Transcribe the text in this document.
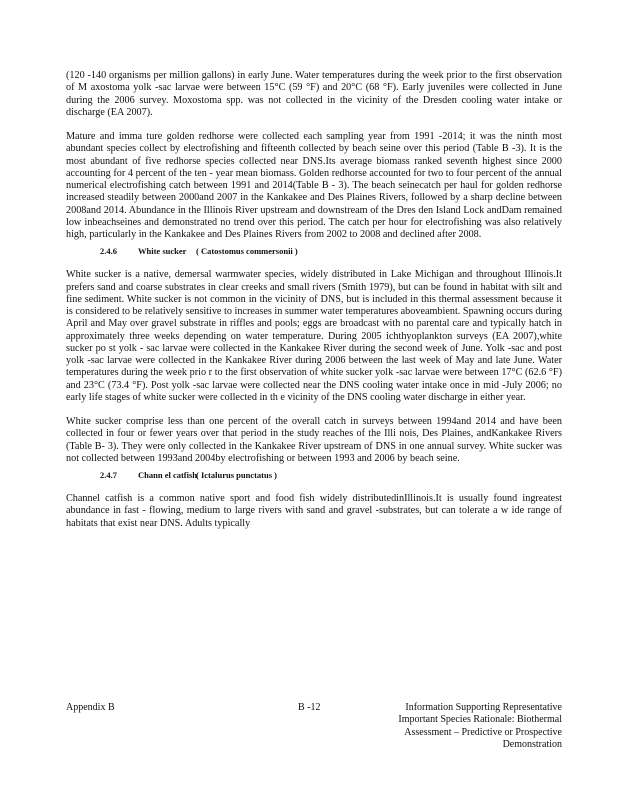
(120 -140 organisms per million gallons) in early June. Water temperatures during the week prior to the first observation of M axostoma yolk -sac larvae were between 15°C (59 °F) and 20°C (68 °F). Early juveniles were collected in June during the 2006 survey. Moxostoma spp. was not collected in the vicinity of the Dresden cooling water intake or discharge (EA 2007).

Mature and imma ture golden redhorse were collected each sampling year from 1991 -2014; it was the ninth most abundant species collect by electrofishing and fifteenth collected by beach seine over this period (Table B -3). It is the most abundant of five redhorse species collected near DNS.Its average biomass ranked seventh highest since 2000 accounting for 4 percent of the ten - year mean biomass. Golden redhorse accounted for two to four percent of the annual numerical electrofishing catch between 1991 and 2014(Table B - 3). The beach seinecatch per haul for golden redhorse increased steadily between 2000and 2007 in the Kankakee and Des Plaines Rivers, followed by a sharp decline between 2008and 2014. Abundance in the Illinois River upstream and downstream of the Dres den Island Lock andDam remained low inbeachseines and demonstrated no trend over this period. The catch per hour for electrofishing was also relatively high, particularly in the Kankakee and Des Plaines Rivers from 2002 to 2008 and declined after 2008.

2.4.6 White sucker ( Catostomus commersonii )

White sucker is a native, demersal warmwater species, widely distributed in Lake Michigan and throughout Illinois.It prefers sand and coarse substrates in clear creeks and small rivers (Smith 1979), but can be found in habitat with silt and fine sediment. White sucker is not common in the vicinity of DNS, but is included in this thermal assessment because it is considered to be relatively sensitive to increases in summer water temperatures aboveambient. Spawning occurs during April and May over gravel substrate in riffles and pools; eggs are broadcast with no parental care and typically hatch in approximately three weeks depending on water temperature. During 2005 ichthyoplankton surveys (EA 2007),white sucker po st yolk - sac larvae were collected in the Kankakee River during the second week of June. Yolk -sac and post yolk -sac larvae were collected in the Kankakee River during 2006 between the last week of May and late June. Water temperatures during the week prio r to the first observation of white sucker yolk -sac larvae were between 17°C (62.6 °F) and 23°C (73.4 °F). Post yolk -sac larvae were collected near the DNS cooling water intake once in mid -July 2006; no early life stages of white sucker were collected in th e vicinity of the DNS cooling water discharge in either year.

White sucker comprise less than one percent of the overall catch in surveys between 1994and 2014 and have been collected in four or fewer years over that period in the study reaches of the Illi nois, Des Plaines, andKankakee Rivers (Table B- 3). They were only collected in the Kankakee River upstream of DNS in one annual survey. White sucker was not collected between 1993and 2004by electrofishing or between 1993 and 2006 by beach seine.

2.4.7 Chann el catfish( Ictalurus punctatus )

Channel catfish is a common native sport and food fish widely distributedinIllinois.It is usually found ingreatest abundance in fast - flowing, medium to large rivers with sand and gravel -substrates, but can tolerate a w ide range of habitats that exist near DNS. Adults typically

Appendix B	B -12	Information Supporting Representative Important Species Rationale: Biothermal Assessment – Predictive or Prospective Demonstration
